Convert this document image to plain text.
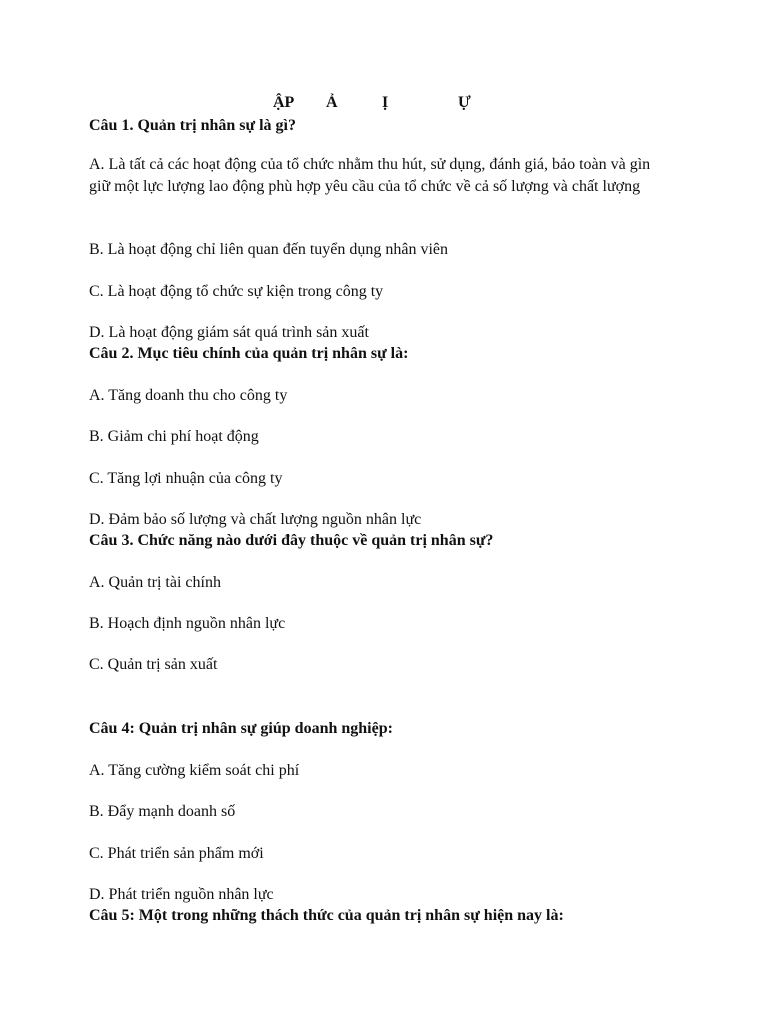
ẬP Ả	Ị	Ự
Câu 1. Quản trị nhân sự là gì?
A. Là tất cả các hoạt động của tổ chức nhằm thu hút, sử dụng, đánh giá, bảo toàn và gìn giữ một lực lượng lao động phù hợp yêu cầu của tổ chức về cả số lượng và chất lượng
B. Là hoạt động chỉ liên quan đến tuyển dụng nhân viên
C. Là hoạt động tổ chức sự kiện trong công ty
D. Là hoạt động giám sát quá trình sản xuất
Câu 2. Mục tiêu chính của quản trị nhân sự là:
A. Tăng doanh thu cho công ty
B. Giảm chi phí hoạt động
C. Tăng lợi nhuận của công ty
D. Đảm bảo số lượng và chất lượng nguồn nhân lực
Câu 3. Chức năng nào dưới đây thuộc về quản trị nhân sự?
A. Quản trị tài chính
B. Hoạch định nguồn nhân lực
C. Quản trị sản xuất
Câu 4: Quản trị nhân sự giúp doanh nghiệp:
A. Tăng cường kiểm soát chi phí
B. Đẩy mạnh doanh số
C. Phát triển sản phẩm mới
D. Phát triển nguồn nhân lực
Câu 5: Một trong những thách thức của quản trị nhân sự hiện nay là:
